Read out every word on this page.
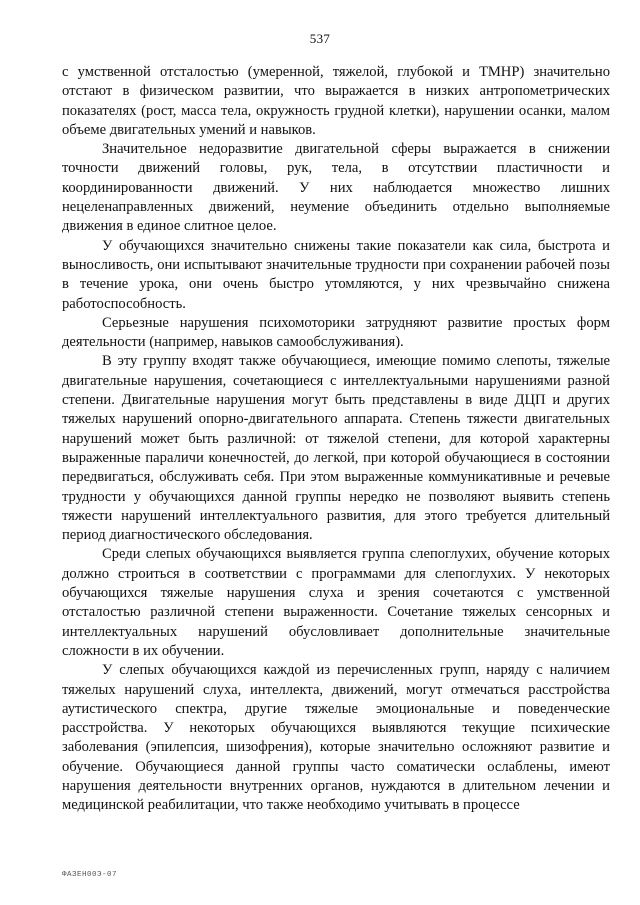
537

с умственной отсталостью (умеренной, тяжелой, глубокой и ТМНР) значительно отстают в физическом развитии, что выражается в низких антропометрических показателях (рост, масса тела, окружность грудной клетки), нарушении осанки, малом объеме двигательных умений и навыков.

Значительное недоразвитие двигательной сферы выражается в снижении точности движений головы, рук, тела, в отсутствии пластичности и координированности движений. У них наблюдается множество лишних нецеленаправленных движений, неумение объединить отдельно выполняемые движения в единое слитное целое.

У обучающихся значительно снижены такие показатели как сила, быстрота и выносливость, они испытывают значительные трудности при сохранении рабочей позы в течение урока, они очень быстро утомляются, у них чрезвычайно снижена работоспособность.

Серьезные нарушения психомоторики затрудняют развитие простых форм деятельности (например, навыков самообслуживания).

В эту группу входят также обучающиеся, имеющие помимо слепоты, тяжелые двигательные нарушения, сочетающиеся с интеллектуальными нарушениями разной степени. Двигательные нарушения могут быть представлены в виде ДЦП и других тяжелых нарушений опорно-двигательного аппарата. Степень тяжести двигательных нарушений может быть различной: от тяжелой степени, для которой характерны выраженные параличи конечностей, до легкой, при которой обучающиеся в состоянии передвигаться, обслуживать себя. При этом выраженные коммуникативные и речевые трудности у обучающихся данной группы нередко не позволяют выявить степень тяжести нарушений интеллектуального развития, для этого требуется длительный период диагностического обследования.

Среди слепых обучающихся выявляется группа слепоглухих, обучение которых должно строиться в соответствии с программами для слепоглухих. У некоторых обучающихся тяжелые нарушения слуха и зрения сочетаются с умственной отсталостью различной степени выраженности. Сочетание тяжелых сенсорных и интеллектуальных нарушений обусловливает дополнительные значительные сложности в их обучении.

У слепых обучающихся каждой из перечисленных групп, наряду с наличием тяжелых нарушений слуха, интеллекта, движений, могут отмечаться расстройства аутистического спектра, другие тяжелые эмоциональные и поведенческие расстройства. У некоторых обучающихся выявляются текущие психические заболевания (эпилепсия, шизофрения), которые значительно осложняют развитие и обучение. Обучающиеся данной группы часто соматически ослаблены, имеют нарушения деятельности внутренних органов, нуждаются в длительном лечении и медицинской реабилитации, что также необходимо учитывать в процессе

ФАЗЕН00Э-07
